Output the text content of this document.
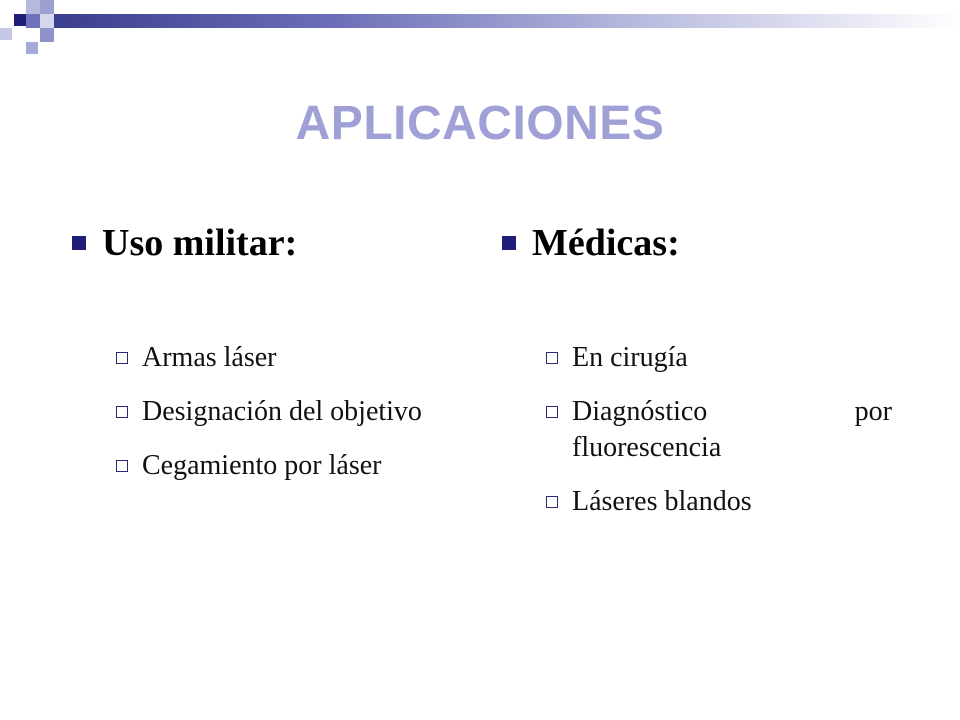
APLICACIONES
Uso militar:
Armas láser
Designación del objetivo
Cegamiento por láser
Médicas:
En cirugía
Diagnóstico por fluorescencia
Láseres blandos
